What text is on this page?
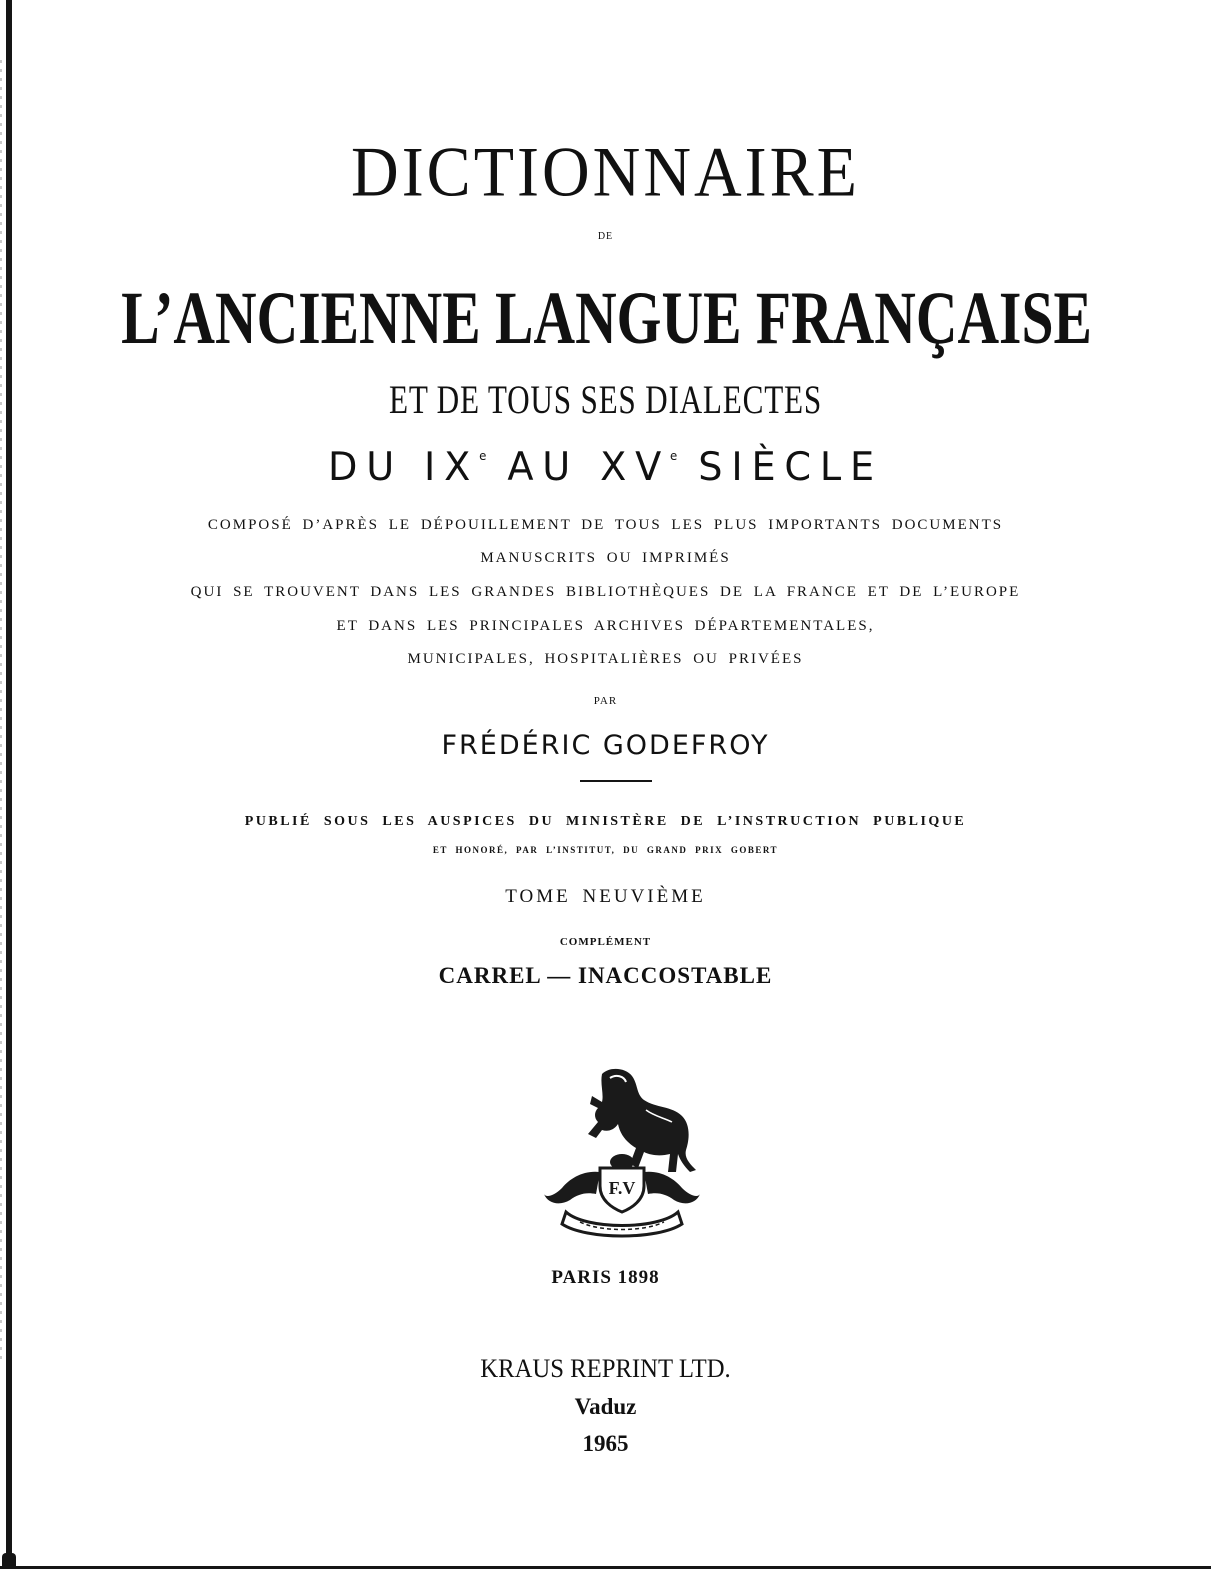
DICTIONNAIRE
DE
L’ANCIENNE LANGUE FRANÇAISE
ET DE TOUS SES DIALECTES
DU IXe AU XVe SIÈCLE
COMPOSÉ D’APRÈS LE DÉPOUILLEMENT DE TOUS LES PLUS IMPORTANTS DOCUMENTS
MANUSCRITS OU IMPRIMÉS
QUI SE TROUVENT DANS LES GRANDES BIBLIOTHÈQUES DE LA FRANCE ET DE L’EUROPE
ET DANS LES PRINCIPALES ARCHIVES DÉPARTEMENTALES,
MUNICIPALES, HOSPITALIÈRES OU PRIVÉES
PAR
FRÉDÉRIC GODEFROY
PUBLIÉ SOUS LES AUSPICES DU MINISTÈRE DE L’INSTRUCTION PUBLIQUE
ET HONORÉ, PAR L’INSTITUT, DU GRAND PRIX GOBERT
TOME NEUVIÈME
COMPLÉMENT
CARREL — INACCOSTABLE
F.V
PARIS 1898
KRAUS REPRINT LTD.
Vaduz
1965
